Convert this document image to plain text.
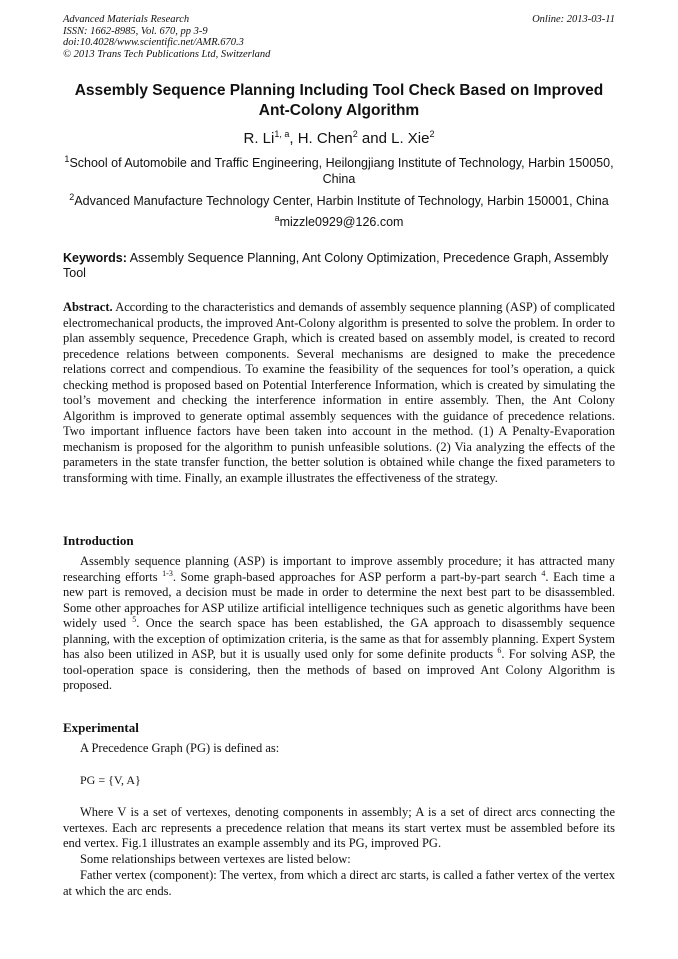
Advanced Materials Research
ISSN: 1662-8985, Vol. 670, pp 3-9
doi:10.4028/www.scientific.net/AMR.670.3
© 2013 Trans Tech Publications Ltd, Switzerland
Online: 2013-03-11
Assembly Sequence Planning Including Tool Check Based on Improved Ant-Colony Algorithm
R. Li$^{1, a}$, H. Chen$^2$ and L. Xie$^2$
$^1$School of Automobile and Traffic Engineering, Heilongjiang Institute of Technology, Harbin 150050, China
$^2$Advanced Manufacture Technology Center, Harbin Institute of Technology, Harbin 150001, China
$^a$mizzle0929@126.com
Keywords: Assembly Sequence Planning, Ant Colony Optimization, Precedence Graph, Assembly Tool
Abstract. According to the characteristics and demands of assembly sequence planning (ASP) of complicated electromechanical products, the improved Ant-Colony algorithm is presented to solve the problem. In order to plan assembly sequence, Precedence Graph, which is created based on assembly model, is created to record precedence relations between components. Several mechanisms are designed to make the precedence relations correct and compendious. To examine the feasibility of the sequences for tool’s operation, a quick checking method is proposed based on Potential Interference Information, which is created by simulating the tool’s movement and checking the interference information in entire assembly. Then, the Ant Colony Algorithm is improved to generate optimal assembly sequences with the guidance of precedence relations. Two important influence factors have been taken into account in the method. (1) A Penalty-Evaporation mechanism is proposed for the algorithm to punish unfeasible solutions. (2) Via analyzing the effects of the parameters in the state transfer function, the better solution is obtained while change the fixed parameters to transforming with time. Finally, an example illustrates the effectiveness of the strategy.
Introduction
Assembly sequence planning (ASP) is important to improve assembly procedure; it has attracted many researching efforts $^{1-3}$. Some graph-based approaches for ASP perform a part-by-part search $^4$. Each time a new part is removed, a decision must be made in order to determine the next best part to be disassembled. Some other approaches for ASP utilize artificial intelligence techniques such as genetic algorithms have been widely used $^5$. Once the search space has been established, the GA approach to disassembly sequence planning, with the exception of optimization criteria, is the same as that for assembly planning. Expert System has also been utilized in ASP, but it is usually used only for some definite products $^6$. For solving ASP, the tool-operation space is considering, then the methods of based on improved Ant Colony Algorithm is proposed.
Experimental
A Precedence Graph (PG) is defined as:
PG = {V, A}
Where V is a set of vertexes, denoting components in assembly; A is a set of direct arcs connecting the vertexes. Each arc represents a precedence relation that means its start vertex must be assembled before its end vertex. Fig.1 illustrates an example assembly and its PG, improved PG.
Some relationships between vertexes are listed below:
Father vertex (component): The vertex, from which a direct arc starts, is called a father vertex of the vertex at which the arc ends.
